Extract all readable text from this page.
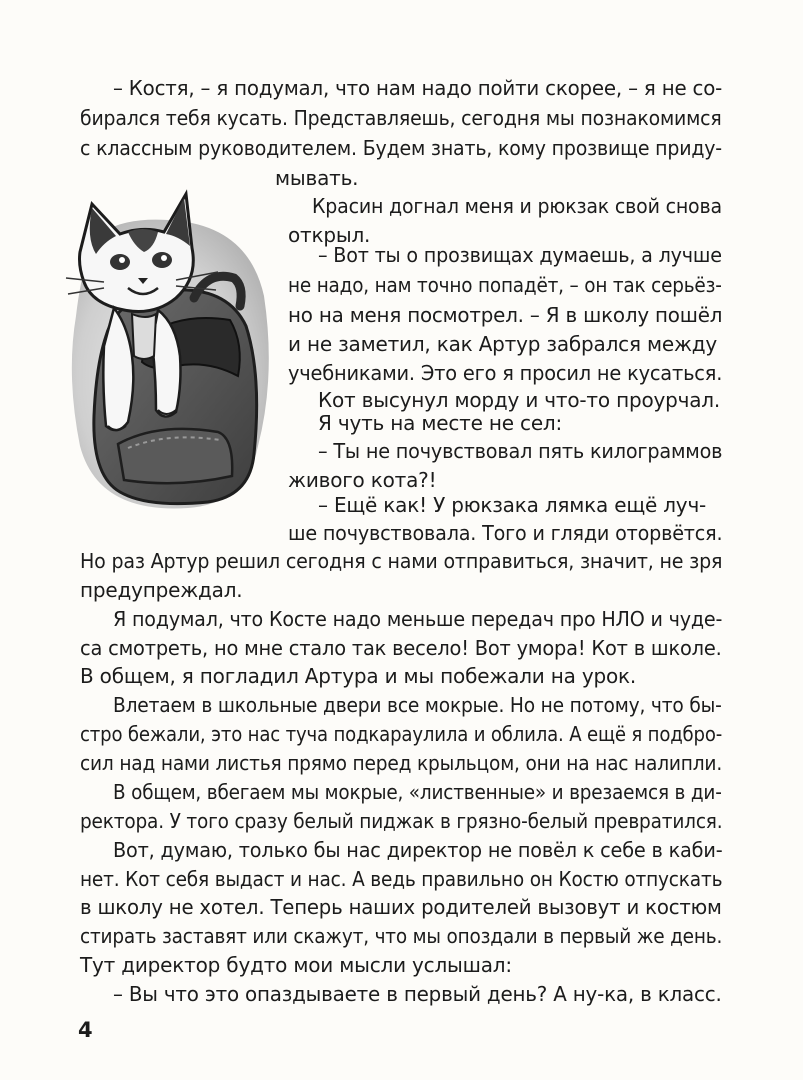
– Костя, – я подумал, что нам надо пойти скорее, – я не со-
бирался тебя кусать. Представляешь, сегодня мы познакомимся
с классным руководителем. Будем знать, кому прозвище приду-
мывать.
Красин догнал меня и рюкзак свой снова
открыл.
– Вот ты о прозвищах думаешь, а лучше
не надо, нам точно попадёт, – он так серьёз-
но на меня посмотрел. – Я в школу пошёл
и не заметил, как Артур забрался между
учебниками. Это его я просил не кусаться.
Кот высунул морду и что-то проурчал.
Я чуть на месте не сел:
– Ты не почувствовал пять килограммов
живого кота?!
– Ещё как! У рюкзака лямка ещё луч-
ше почувствовала. Того и гляди оторвётся.
Но раз Артур решил сегодня с нами отправиться, значит, не зря
предупреждал.
Я подумал, что Косте надо меньше передач про НЛО и чуде-
са смотреть, но мне стало так весело! Вот умора! Кот в школе.
В общем, я погладил Артура и мы побежали на урок.
Влетаем в школьные двери все мокрые. Но не потому, что бы-
стро бежали, это нас туча подкараулила и облила. А ещё я подбро-
сил над нами листья прямо перед крыльцом, они на нас налипли.
В общем, вбегаем мы мокрые, «лиственные» и врезаемся в ди-
ректора. У того сразу белый пиджак в грязно-белый превратился.
Вот, думаю, только бы нас директор не повёл к себе в каби-
нет. Кот себя выдаст и нас. А ведь правильно он Костю отпускать
в школу не хотел. Теперь наших родителей вызовут и костюм
стирать заставят или скажут, что мы опоздали в первый же день.
Тут директор будто мои мысли услышал:
– Вы что это опаздываете в первый день? А ну-ка, в класс.
4
